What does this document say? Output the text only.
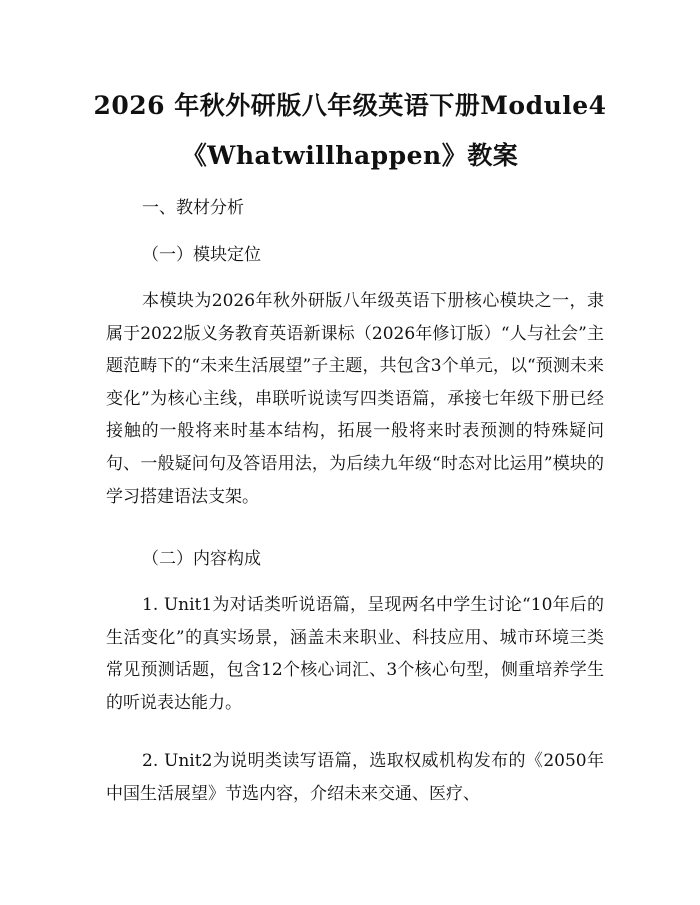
2026 年秋外研版八年级英语下册Module4
《Whatwillhappen》教案
一、教材分析
（一）模块定位
本模块为2026年秋外研版八年级英语下册核心模块之一，隶属于2022版义务教育英语新课标（2026年修订版）“人与社会”主题范畴下的“未来生活展望”子主题，共包含3个单元，以“预测未来变化”为核心主线，串联听说读写四类语篇，承接七年级下册已经接触的一般将来时基本结构，拓展一般将来时表预测的特殊疑问句、一般疑问句及答语用法，为后续九年级“时态对比运用”模块的学习搭建语法支架。
（二）内容构成
1. Unit1为对话类听说语篇，呈现两名中学生讨论“10年后的生活变化”的真实场景，涵盖未来职业、科技应用、城市环境三类常见预测话题，包含12个核心词汇、3个核心句型，侧重培养学生的听说表达能力。
2. Unit2为说明类读写语篇，选取权威机构发布的《2050年中国生活展望》节选内容，介绍未来交通、医疗、
